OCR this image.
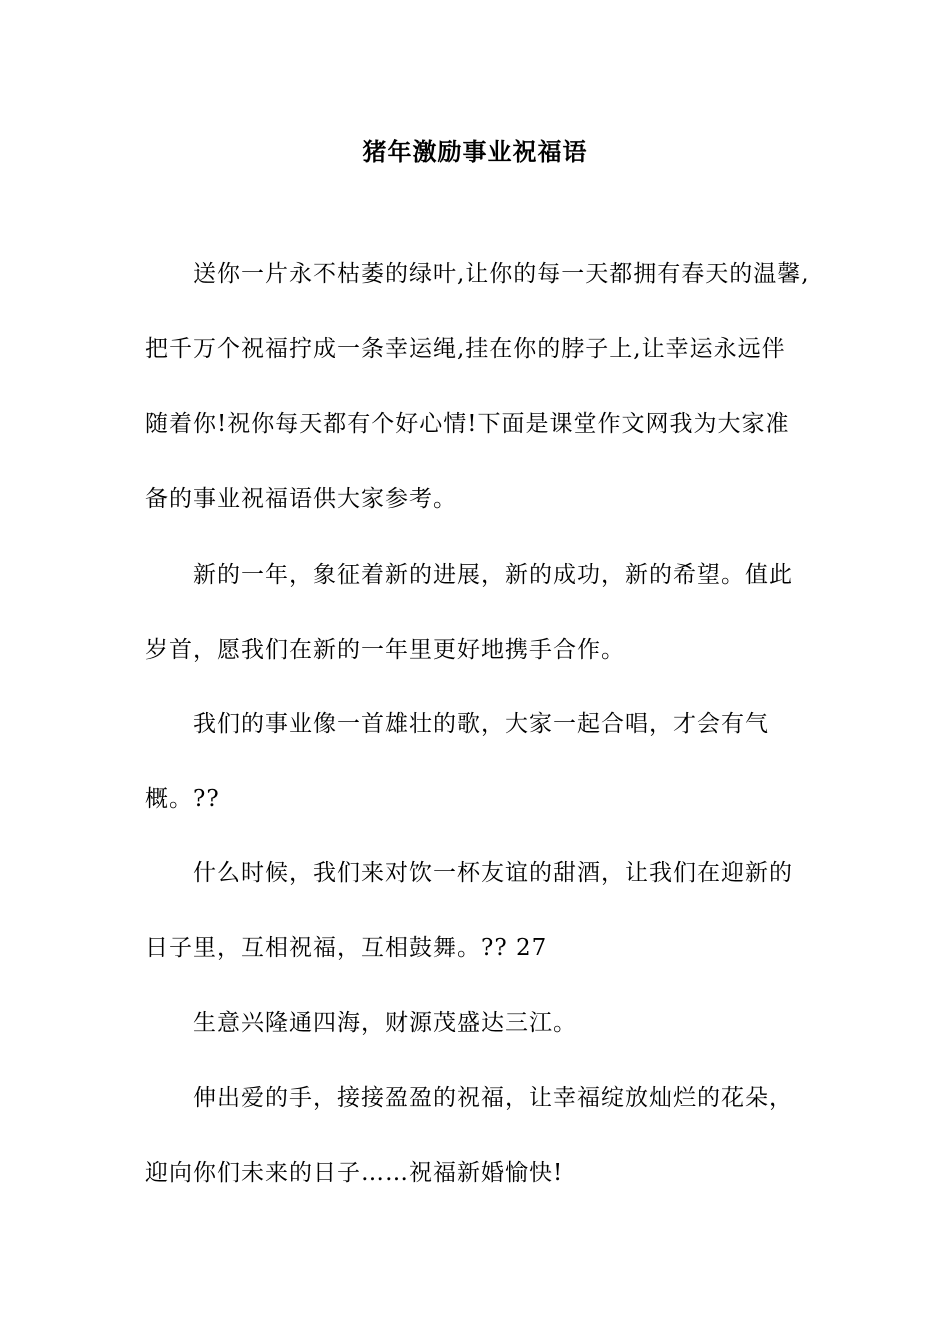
猪年激励事业祝福语
送你一片永不枯萎的绿叶,让你的每一天都拥有春天的温馨,
把千万个祝福拧成一条幸运绳,挂在你的脖子上,让幸运永远伴
随着你!祝你每天都有个好心情!下面是课堂作文网我为大家准
备的事业祝福语供大家参考。
新的一年，象征着新的进展，新的成功，新的希望。值此
岁首，愿我们在新的一年里更好地携手合作。
我们的事业像一首雄壮的歌，大家一起合唱，才会有气
概。??
什么时候，我们来对饮一杯友谊的甜酒，让我们在迎新的
日子里，互相祝福，互相鼓舞。?? 27
生意兴隆通四海，财源茂盛达三江。
伸出爱的手，接接盈盈的祝福，让幸福绽放灿烂的花朵，
迎向你们未来的日子……祝福新婚愉快!
